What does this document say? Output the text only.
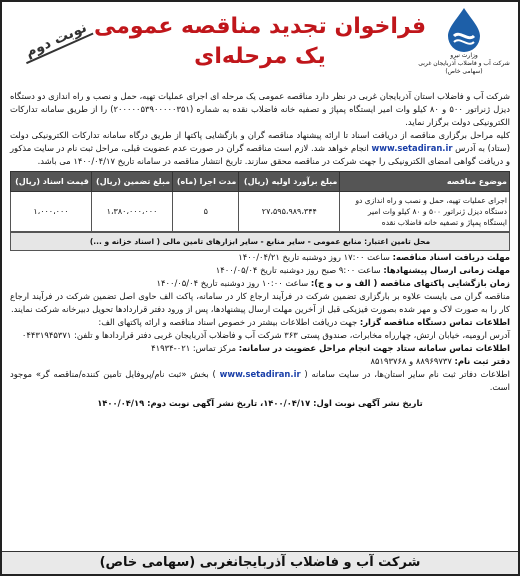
وزارت نیرو
شرکت آب و فاضلاب آذربایجان غربی (سهامی خاص)
فراخوان تجدید مناقصه عمومی
یک مرحله‌ای
نوبت دوم

شرکت آب و فاضلاب استان آذربایجان غربی در نظر دارد مناقصه عمومی یک مرحله ای اجرای عملیات تهیه، حمل و نصب و راه اندازی دو دستگاه دیزل ژنراتور ۵۰۰ و ۸۰ کیلو وات امیر ایستگاه پمپاژ و تصفیه خانه فاضلاب نقده به شماره (۲۰۰۰۰۰۵۳۹۰۰۰۰۰۳۵۱) را از طریق سامانه تدارکات الکترونیکی دولت برگزار نماید.

کلیه مراحل برگزاری مناقصه از دریافت اسناد تا ارائه پیشنهاد مناقصه گران و بازگشایی پاکتها از طریق درگاه سامانه تدارکات الکترونیکی دولت (ستاد) به آدرس www.setadiran.ir انجام خواهد شد. لازم است مناقصه گران در صورت عدم عضویت قبلی، مراحل ثبت نام در سایت مذکور و دریافت گواهی امضای الکترونیکی را جهت شرکت در مناقصه محقق سازند. تاریخ انتشار مناقصه در سامانه تاریخ ۱۴۰۰/۰۴/۱۷ می باشد.

موضوع مناقصه	مبلغ برآورد اولیه (ریال)	مدت اجرا (ماه)	مبلغ تضمین (ریال)	قیمت اسناد (ریال)
اجرای عملیات تهیه، حمل و نصب و راه اندازی دو دستگاه دیزل ژنراتور ۵۰۰ و ۸۰ کیلو وات امیر ایستگاه پمپاژ و تصفیه خانه فاضلاب نقده	۲۷،۵۹۵،۹۸۹،۳۴۴	۵	۱،۳۸۰،۰۰۰،۰۰۰	۱،۰۰۰،۰۰۰
محل تامین اعتبار: منابع عمومی - سایر منابع - سایر ابزارهای تامین مالی ( اسناد خزانه و ...)

مهلت دریافت اسناد مناقصه: ساعت ۱۷:۰۰ روز دوشنبه تاریخ ۱۴۰۰/۰۴/۲۱

مهلت زمانی ارسال پیشنهادها: ساعت ۹:۰۰ صبح روز دوشنبه تاریخ ۱۴۰۰/۰۵/۰۴

زمان بازگشایی پاکتهای مناقصه ( الف و ب و ج): ساعت ۱۰:۰۰ روز دوشنبه تاریخ ۱۴۰۰/۰۵/۰۴

مناقصه گران می بایست علاوه بر بارگزاری تضمین شرکت در فرآیند ارجاع کار در سامانه، پاکت الف حاوی اصل تضمین شرکت در فرآیند ارجاع کار را به صورت لاک و مهر شده بصورت فیزیکی قبل از آخرین مهلت ارسال پیشنهادها، پس از ورود دفتر قراردادها تحویل دبیرخانه شرکت نمایند.

اطلاعات تماس دستگاه مناقصه گزار: جهت دریافت اطلاعات بیشتر در خصوص اسناد مناقصه و ارائه پاکتهای الف:

آدرس ارومیه، خیابان ارتش، چهارراه مخابرات، صندوق پستی ۳۶۳ شرکت آب و فاضلاب آذربایجان غربی دفتر قراردادها و تلفن: ۰۴۴۳۱۹۴۵۳۷۱

اطلاعات تماس سامانه ستاد جهت انجام مراحل عضویت در سامانه: مرکز تماس: ۰۲۱-۴۱۹۳۴

دفتر ثبت نام: ۸۸۹۶۹۷۳۷ و ۸۵۱۹۳۷۶۸

اطلاعات دفاتر ثبت نام سایر استان‌ها، در سایت سامانه ( www.setadiran.ir ) بخش «ثبت نام/پروفایل تامین کننده/مناقصه گر» موجود است.

تاریخ نشر آگهی نوبت اول: ۱۴۰۰/۰۴/۱۷، تاریخ نشر آگهی نوبت دوم: ۱۴۰۰/۰۴/۱۹
شرکت آب و فاضلاب آذربایجانغربی (سهامی خاص)
